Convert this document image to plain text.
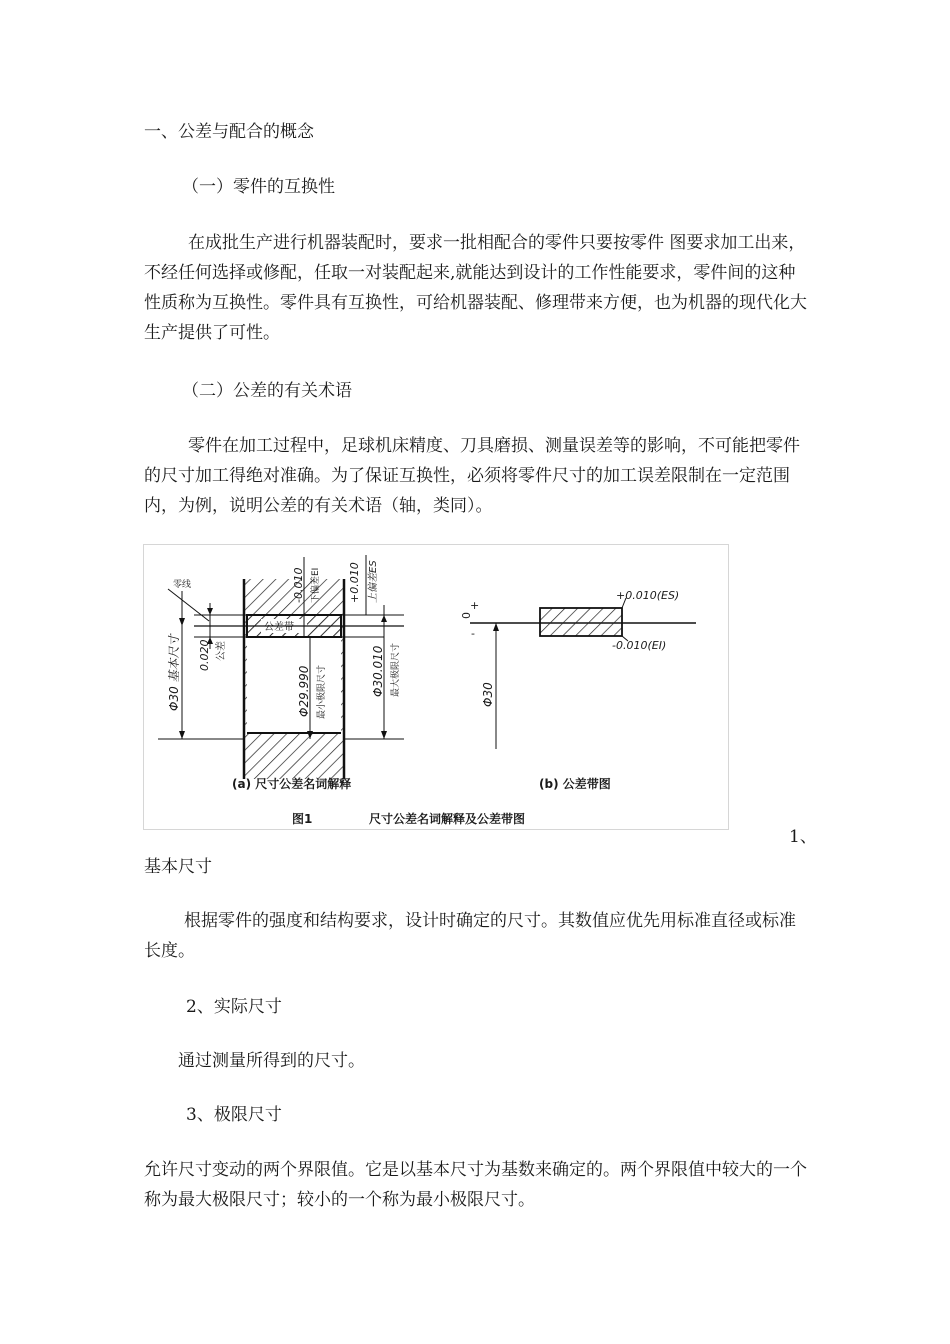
一、公差与配合的概念
（一）零件的互换性
在成批生产进行机器装配时，要求一批相配合的零件只要按零件 图要求加工出来，不经任何选择或修配，任取一对装配起来,就能达到设计的工作性能要求，零件间的这种性质称为互换性。零件具有互换性，可给机器装配、修理带来方便，也为机器的现代化大生产提供了可性。
（二）公差的有关术语
零件在加工过程中，足球机床精度、刀具磨损、测量误差等的影响，不可能把零件的尺寸加工得绝对准确。为了保证互换性，必须将零件尺寸的加工误差限制在一定范围内，为例，说明公差的有关术语（轴，类同）。
公差带
零线
Φ30 基本尺寸 0.020 公差
-0.010 下偏差EI +0.010 上偏差ES
Φ29.990 最小极限尺寸	Φ30.010 最大极限尺寸
+0.010(ES)
-0.010(EI)
0
+
-
Φ30
(a) 尺寸公差名词解释	(b) 公差带图
图1	尺寸公差名词解释及公差带图
1、
基本尺寸
根据零件的强度和结构要求，设计时确定的尺寸。其数值应优先用标准直径或标准长度。
2、实际尺寸
通过测量所得到的尺寸。
3、极限尺寸
允许尺寸变动的两个界限值。它是以基本尺寸为基数来确定的。两个界限值中较大的一个称为最大极限尺寸；较小的一个称为最小极限尺寸。
